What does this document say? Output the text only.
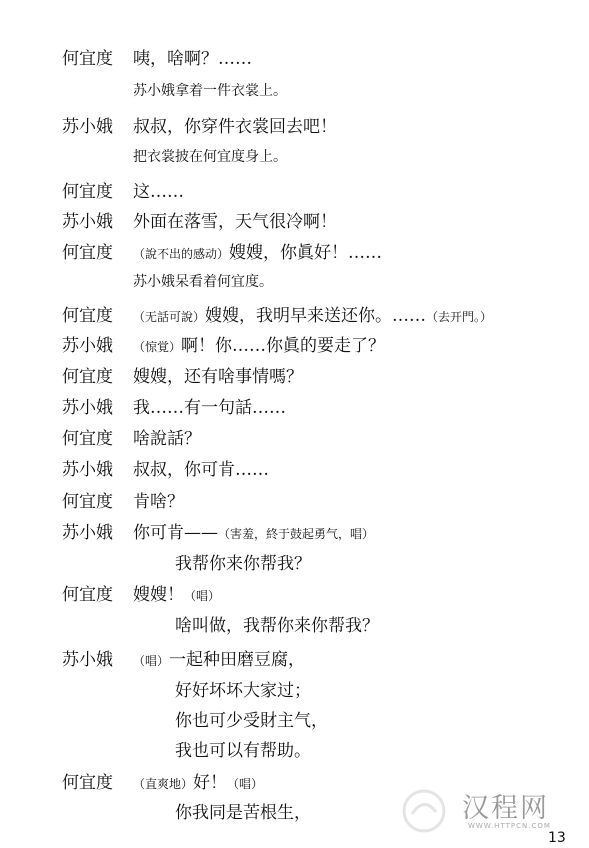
何宜度 咦，啥啊？……
苏小娥拿着一件衣裳上。
苏小娥 叔叔，你穿件衣裳回去吧！
把衣裳披在何宜度身上。
何宜度 这……
苏小娥 外面在落雪，天气很冷啊！
何宜度 （說不出的感动）嫂嫂，你眞好！……
苏小娥呆看着何宜度。
何宜度 （无話可說）嫂嫂，我明早来送还你。……（去开門。）
苏小娥 （惊覚）啊！你……你眞的要走了？
何宜度 嫂嫂，还有啥事情嗎？
苏小娥 我……有一句話……
何宜度 啥說話？
苏小娥 叔叔，你可肯……
何宜度 肯啥？
苏小娥 你可肯——（害羞，終于鼓起勇气，唱）
我帮你来你帮我？
何宜度 嫂嫂！（唱）
啥叫做，我帮你来你帮我？
苏小娥 （唱）一起种田磨豆腐，
好好坏坏大家过；
你也可少受財主气，
我也可以有帮助。
何宜度 （直爽地）好！（唱）
你我同是苦根生，	汉程网
WWW.HTTPCN.COM
13
